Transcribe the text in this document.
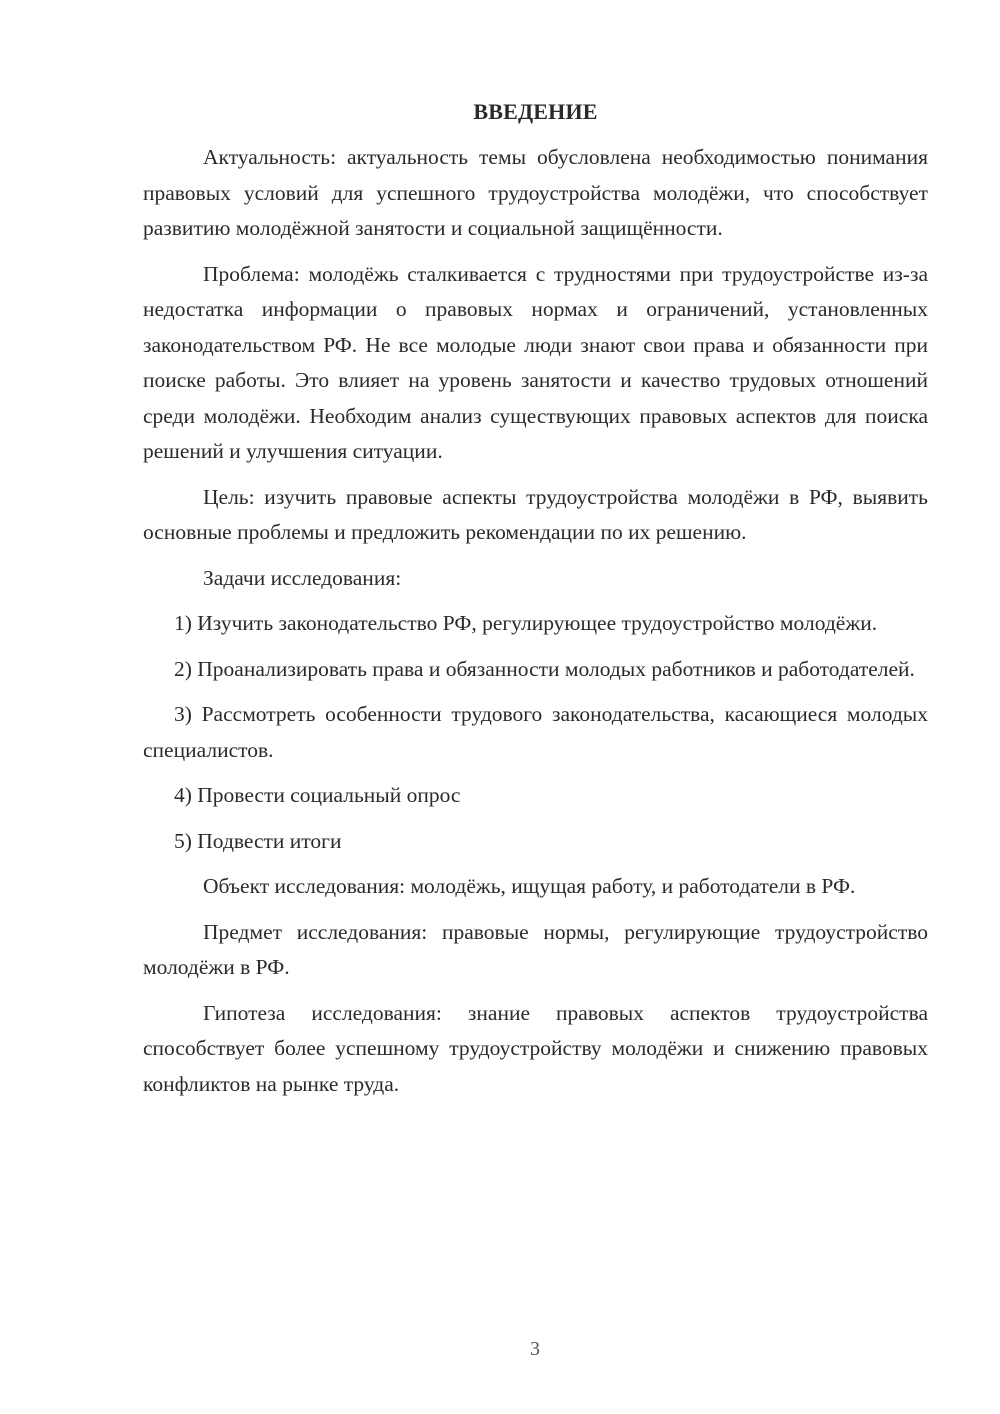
ВВЕДЕНИЕ

Актуальность: актуальность темы обусловлена необходимостью понимания правовых условий для успешного трудоустройства молодёжи, что способствует развитию молодёжной занятости и социальной защищённости.

Проблема: молодёжь сталкивается с трудностями при трудоустройстве из-за недостатка информации о правовых нормах и ограничений, установленных законодательством РФ. Не все молодые люди знают свои права и обязанности при поиске работы. Это влияет на уровень занятости и качество трудовых отношений среди молодёжи. Необходим анализ существующих правовых аспектов для поиска решений и улучшения ситуации.

Цель: изучить правовые аспекты трудоустройства молодёжи в РФ, выявить основные проблемы и предложить рекомендации по их решению.

Задачи исследования:

1) Изучить законодательство РФ, регулирующее трудоустройство молодёжи.

2) Проанализировать права и обязанности молодых работников и работодателей.

3) Рассмотреть особенности трудового законодательства, касающиеся молодых специалистов.

4) Провести социальный опрос

5) Подвести итоги

Объект исследования: молодёжь, ищущая работу, и работодатели в РФ.

Предмет исследования: правовые нормы, регулирующие трудоустройство молодёжи в РФ.

Гипотеза исследования: знание правовых аспектов трудоустройства способствует более успешному трудоустройству молодёжи и снижению правовых конфликтов на рынке труда.

3
